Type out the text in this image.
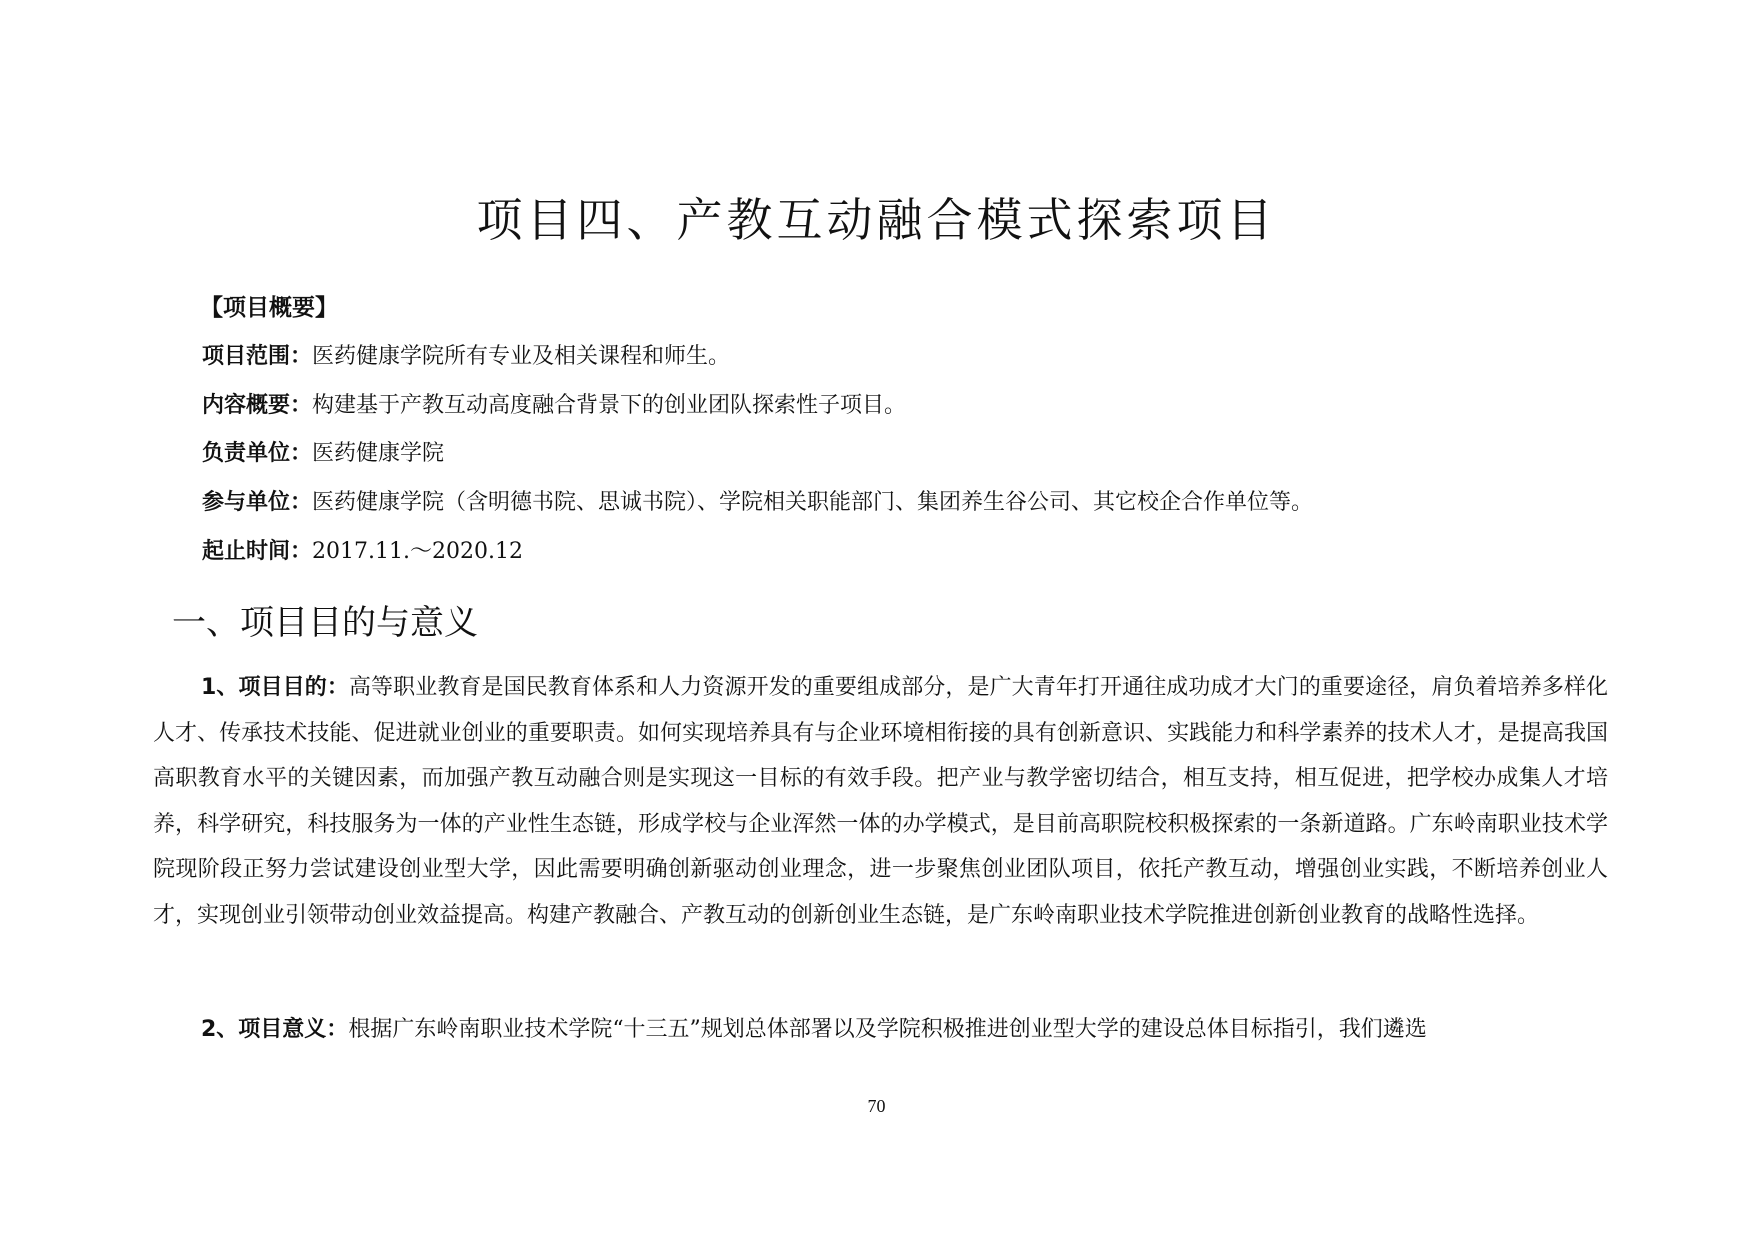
项目四、产教互动融合模式探索项目
【项目概要】
项目范围：医药健康学院所有专业及相关课程和师生。
内容概要：构建基于产教互动高度融合背景下的创业团队探索性子项目。
负责单位：医药健康学院
参与单位：医药健康学院（含明德书院、思诚书院）、学院相关职能部门、集团养生谷公司、其它校企合作单位等。
起止时间：2017.11.～2020.12
一、项目目的与意义

1、项目目的：高等职业教育是国民教育体系和人力资源开发的重要组成部分，是广大青年打开通往成功成才大门的重要途径，肩负着培养多样化人才、传承技术技能、促进就业创业的重要职责。如何实现培养具有与企业环境相衔接的具有创新意识、实践能力和科学素养的技术人才，是提高我国高职教育水平的关键因素，而加强产教互动融合则是实现这一目标的有效手段。把产业与教学密切结合，相互支持，相互促进，把学校办成集人才培养，科学研究，科技服务为一体的产业性生态链，形成学校与企业浑然一体的办学模式，是目前高职院校积极探索的一条新道路。广东岭南职业技术学院现阶段正努力尝试建设创业型大学，因此需要明确创新驱动创业理念，进一步聚焦创业团队项目，依托产教互动，增强创业实践，不断培养创业人才，实现创业引领带动创业效益提高。构建产教融合、产教互动的创新创业生态链，是广东岭南职业技术学院推进创新创业教育的战略性选择。

2、项目意义：根据广东岭南职业技术学院“十三五”规划总体部署以及学院积极推进创业型大学的建设总体目标指引，我们遴选

70
